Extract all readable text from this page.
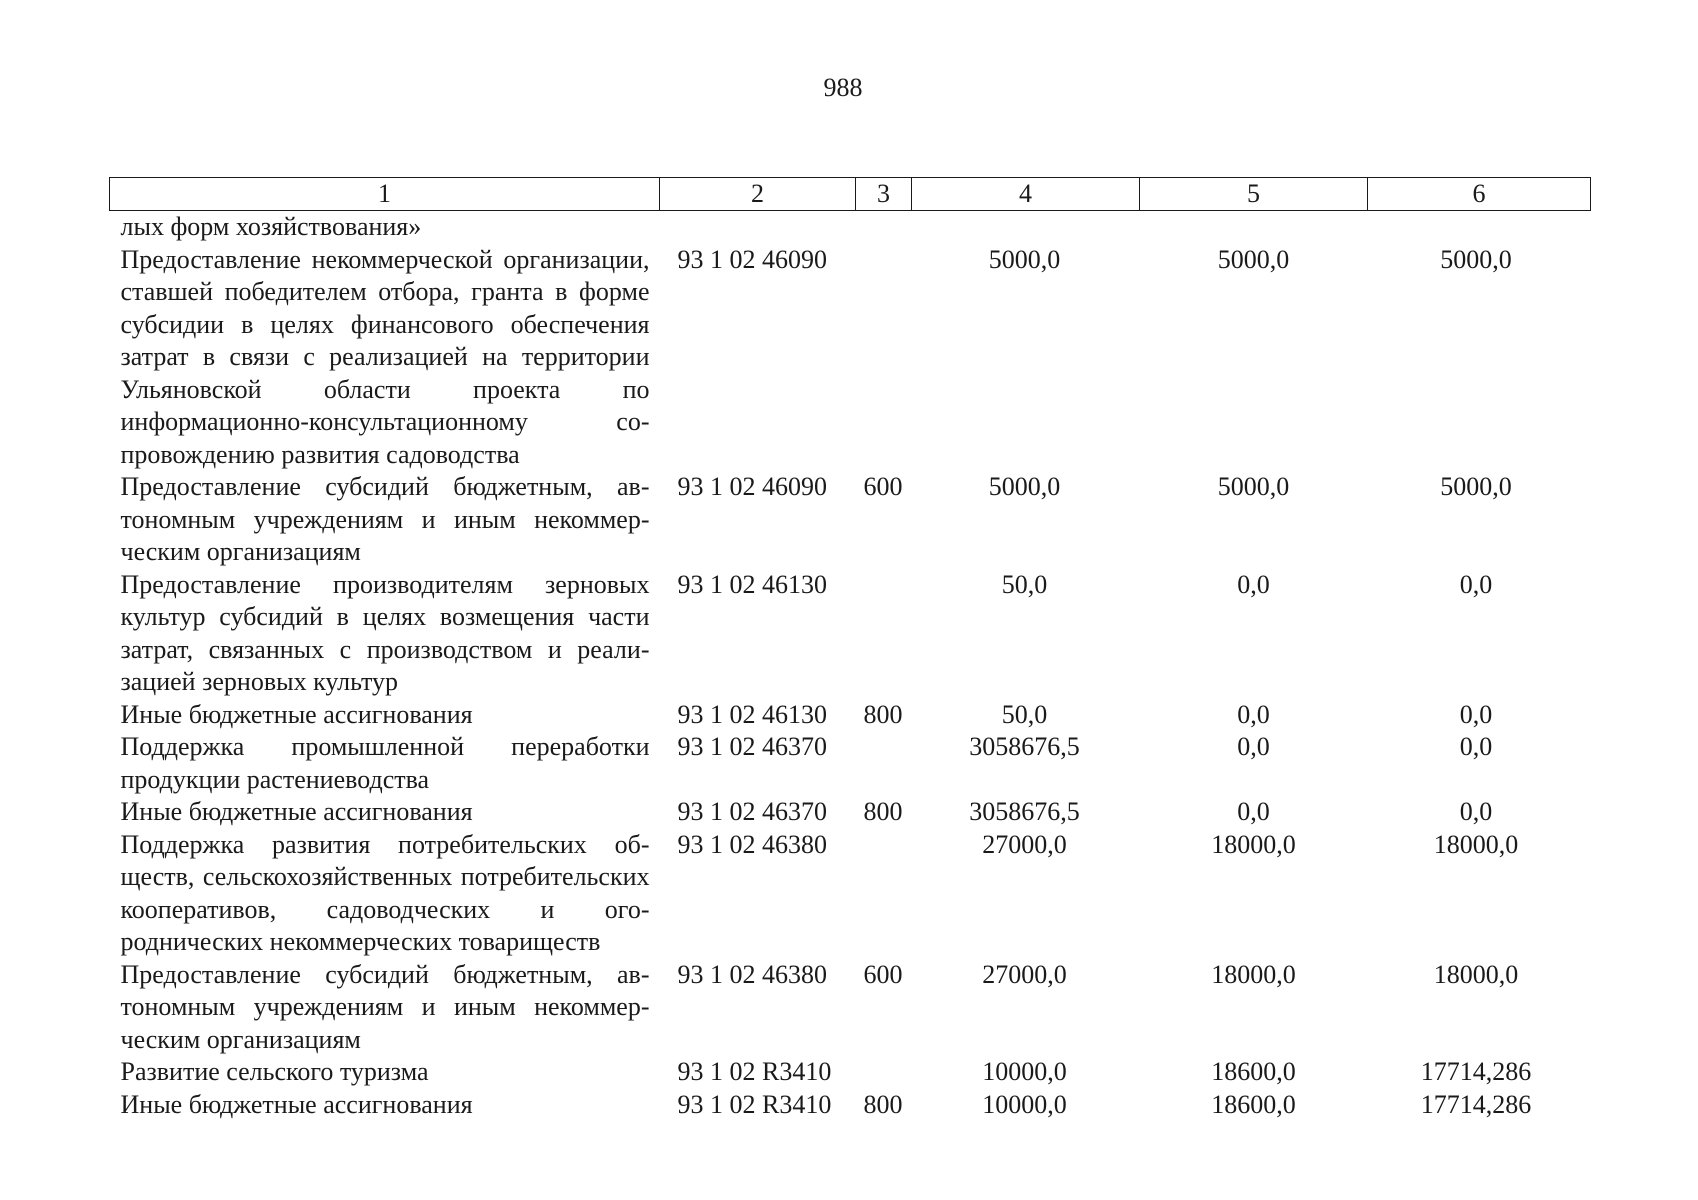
988
1	2	3	4	5	6
лых форм хозяйствования»					
Предоставление некоммерческой организации, ставшей победителем отбора, гранта в форме субсидии в целях финансового обеспечения затрат в связи с реализацией на территории Ульяновской области проекта по информационно-консультационному сопровождению развития садоводства	93 1 02 46090		5000,0	5000,0	5000,0
Предоставление субсидий бюджетным, автономным учреждениям и иным некоммерческим организациям	93 1 02 46090	600	5000,0	5000,0	5000,0
Предоставление производителям зерновых культур субсидий в целях возмещения части затрат, связанных с производством и реализацией зерновых культур	93 1 02 46130		50,0	0,0	0,0
Иные бюджетные ассигнования	93 1 02 46130	800	50,0	0,0	0,0
Поддержка промышленной переработки продукции растениеводства	93 1 02 46370		3058676,5	0,0	0,0
Иные бюджетные ассигнования	93 1 02 46370	800	3058676,5	0,0	0,0
Поддержка развития потребительских обществ, сельскохозяйственных потребительских кооперативов, садоводческих и огороднических некоммерческих товариществ	93 1 02 46380		27000,0	18000,0	18000,0
Предоставление субсидий бюджетным, автономным учреждениям и иным некоммерческим организациям	93 1 02 46380	600	27000,0	18000,0	18000,0
Развитие сельского туризма	93 1 02 R3410		10000,0	18600,0	17714,286
Иные бюджетные ассигнования	93 1 02 R3410	800	10000,0	18600,0	17714,286
